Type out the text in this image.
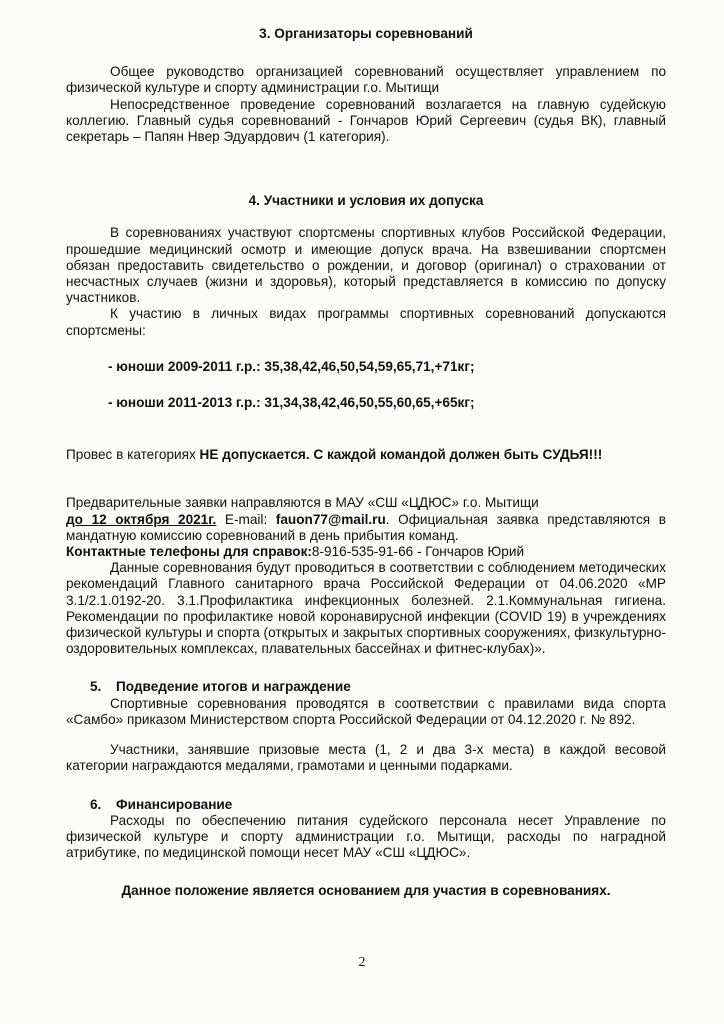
3. Организаторы соревнований

Общее руководство организацией соревнований осуществляет управлением по физической культуре и спорту администрации г.о. Мытищи

Непосредственное проведение соревнований возлагается на главную судейскую коллегию. Главный судья соревнований - Гончаров Юрий Сергеевич (судья ВК), главный секретарь – Папян Нвер Эдуардович (1 категория).

4. Участники и условия их допуска

В соревнованиях участвуют спортсмены спортивных клубов Российской Федерации, прошедшие медицинский осмотр и имеющие допуск врача. На взвешивании спортсмен обязан предоставить свидетельство о рождении, и договор (оригинал) о страховании от несчастных случаев (жизни и здоровья), который представляется в комиссию по допуску участников.

К участию в личных видах программы спортивных соревнований допускаются спортсмены:

- юноши 2009-2011 г.р.: 35,38,42,46,50,54,59,65,71,+71кг;

- юноши 2011-2013 г.р.: 31,34,38,42,46,50,55,60,65,+65кг;

Провес в категориях НЕ допускается. С каждой командой должен быть СУДЬЯ!!!

Предварительные заявки направляются в МАУ «СШ «ЦДЮС» г.о. Мытищи

до 12 октября 2021г. E-mail: fauon77@mail.ru. Официальная заявка представляются в мандатную комиссию соревнований в день прибытия команд.

Контактные телефоны для справок:8-916-535-91-66 - Гончаров Юрий

Данные соревнования будут проводиться в соответствии с соблюдением методических рекомендаций Главного санитарного врача Российской Федерации от 04.06.2020 «МР 3.1/2.1.0192-20. 3.1.Профилактика инфекционных болезней. 2.1.Коммунальная гигиена. Рекомендации по профилактике новой коронавирусной инфекции (COVID 19) в учреждениях физической культуры и спорта (открытых и закрытых спортивных сооружениях, физкультурно-оздоровительных комплексах, плавательных бассейнах и фитнес-клубах)».

5. Подведение итогов и награждение

Спортивные соревнования проводятся в соответствии с правилами вида спорта «Самбо» приказом Министерством спорта Российской Федерации от 04.12.2020 г. № 892.

Участники, занявшие призовые места (1, 2 и два 3-х места) в каждой весовой категории награждаются медалями, грамотами и ценными подарками.

6. Финансирование

Расходы по обеспечению питания судейского персонала несет Управление по физической культуре и спорту администрации г.о. Мытищи, расходы по наградной атрибутике, по медицинской помощи несет МАУ «СШ «ЦДЮС».

Данное положение является основанием для участия в соревнованиях.

2
